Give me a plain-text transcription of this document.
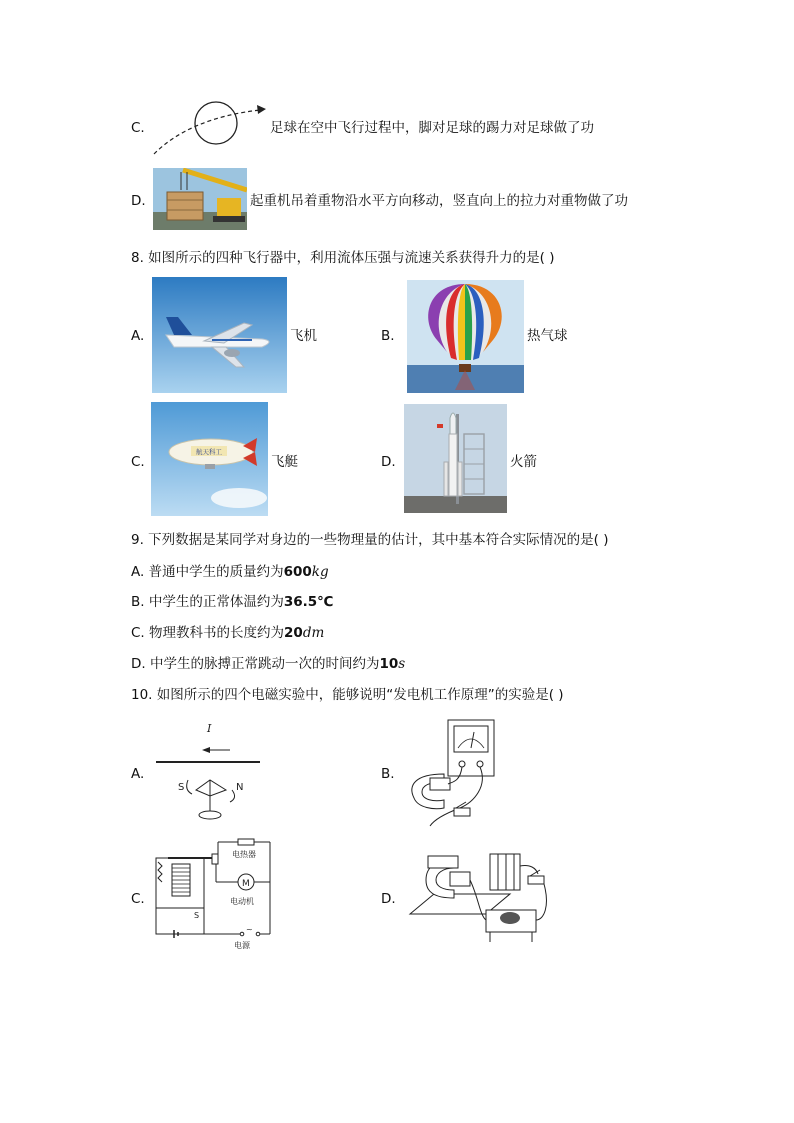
C.	足球在空中飞行过程中，脚对足球的踢力对足球做了功
D.	起重机吊着重物沿水平方向移动，竖直向上的拉力对重物做了功
8. 如图所示的四种飞行器中，利用流体压强与流速关系获得升力的是( )
A.	飞机	B.	热气球
C.
航天科工
飞艇	D.	火箭
9. 下列数据是某同学对身边的一些物理量的估计，其中基本符合实际情况的是( )
A. 普通中学生的质量约为600kg
B. 中学生的正常体温约为36.5℃
C. 物理教科书的长度约为20dm
D. 中学生的脉搏正常跳动一次的时间约为10s
10. 如图所示的四个电磁实验中，能够说明“发电机工作原理”的实验是( )
A.
I
S	N
B.
C.
S
电热器
M
电动机
~
电源
D.
